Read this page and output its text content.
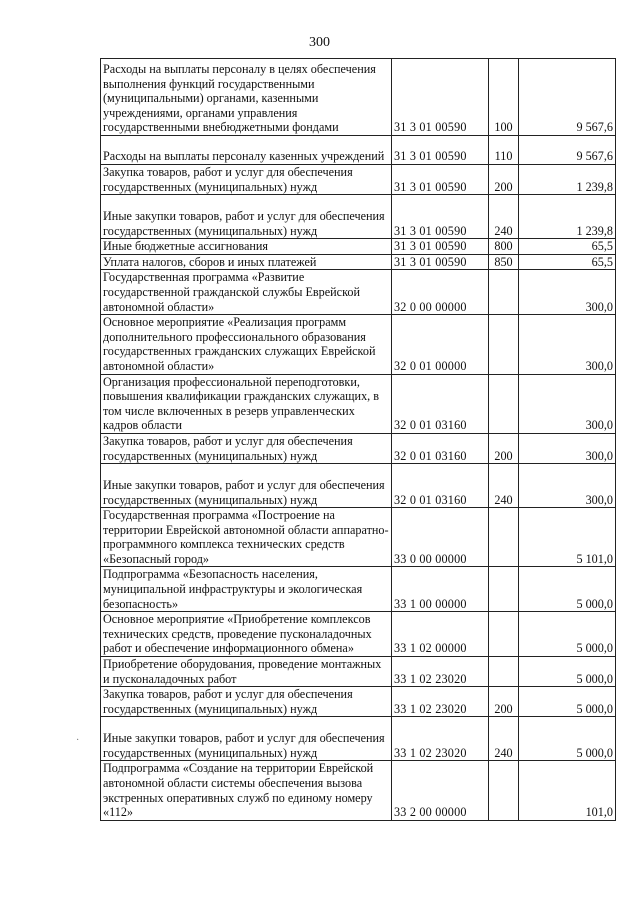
300
·
Расходы на выплаты персоналу в целях обеспечения выполнения функций государственными (муниципальными) органами, казенными учреждениями, органами управления государственными внебюджетными фондами	31 3 01 00590	100	9 567,6
Расходы на выплаты персоналу казенных учреждений	31 3 01 00590	110	9 567,6
Закупка товаров, работ и услуг для обеспечения государственных (муниципальных) нужд	31 3 01 00590	200	1 239,8
Иные закупки товаров, работ и услуг для обеспечения государственных (муниципальных) нужд	31 3 01 00590	240	1 239,8
Иные бюджетные ассигнования	31 3 01 00590	800	65,5
Уплата налогов, сборов и иных платежей	31 3 01 00590	850	65,5
Государственная программа «Развитие государственной гражданской службы Еврейской автономной области»	32 0 00 00000		300,0
Основное мероприятие «Реализация программ дополнительного профессионального образования государственных гражданских служащих Еврейской автономной области»	32 0 01 00000		300,0
Организация профессиональной переподготовки, повышения квалификации гражданских служащих, в том числе включенных в резерв управленческих кадров области	32 0 01 03160		300,0
Закупка товаров, работ и услуг для обеспечения государственных (муниципальных) нужд	32 0 01 03160	200	300,0
Иные закупки товаров, работ и услуг для обеспечения государственных (муниципальных) нужд	32 0 01 03160	240	300,0
Государственная программа «Построение на территории Еврейской автономной области аппаратно-программного комплекса технических средств «Безопасный город»	33 0 00 00000		5 101,0
Подпрограмма «Безопасность населения, муниципальной инфраструктуры и экологическая безопасность»	33 1 00 00000		5 000,0
Основное мероприятие «Приобретение комплексов технических средств, проведение пусконаладочных работ и обеспечение информационного обмена»	33 1 02 00000		5 000,0
Приобретение оборудования, проведение монтажных и пусконаладочных работ	33 1 02 23020		5 000,0
Закупка товаров, работ и услуг для обеспечения государственных (муниципальных) нужд	33 1 02 23020	200	5 000,0
Иные закупки товаров, работ и услуг для обеспечения государственных (муниципальных) нужд	33 1 02 23020	240	5 000,0
Подпрограмма «Создание на территории Еврейской автономной области системы обеспечения вызова экстренных оперативных служб по единому номеру «112»	33 2 00 00000		101,0
